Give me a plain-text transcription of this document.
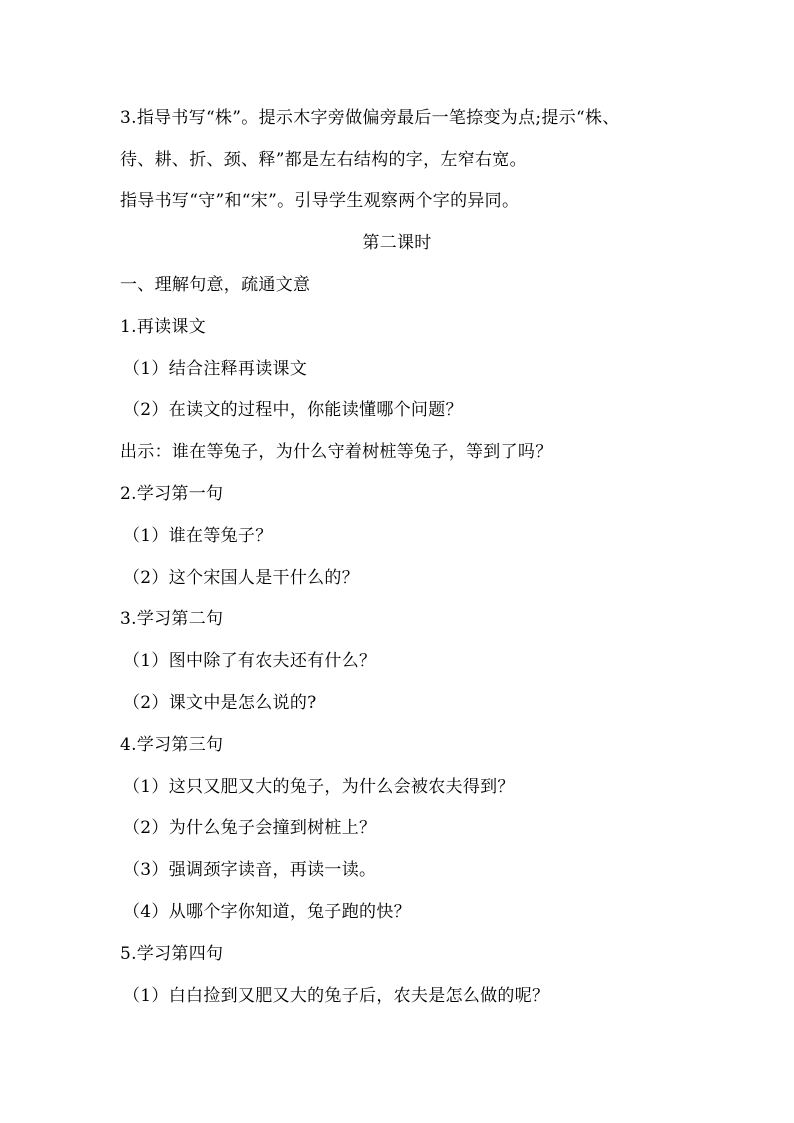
3.指导书写“株”。提示木字旁做偏旁最后一笔捺变为点;提示“株、
待、耕、折、颈、释”都是左右结构的字，左窄右宽。
指导书写“守”和“宋”。引导学生观察两个字的异同。
第二课时
一、理解句意，疏通文意
1.再读课文
（1）结合注释再读课文
（2）在读文的过程中，你能读懂哪个问题？
出示：谁在等兔子，为什么守着树桩等兔子，等到了吗？
2.学习第一句
（1）谁在等兔子？
（2）这个宋国人是干什么的？
3.学习第二句
（1）图中除了有农夫还有什么？
（2）课文中是怎么说的?
4.学习第三句
（1）这只又肥又大的兔子，为什么会被农夫得到？
（2）为什么兔子会撞到树桩上？
（3）强调颈字读音，再读一读。
（4）从哪个字你知道，兔子跑的快？
5.学习第四句
（1）白白捡到又肥又大的兔子后，农夫是怎么做的呢？
